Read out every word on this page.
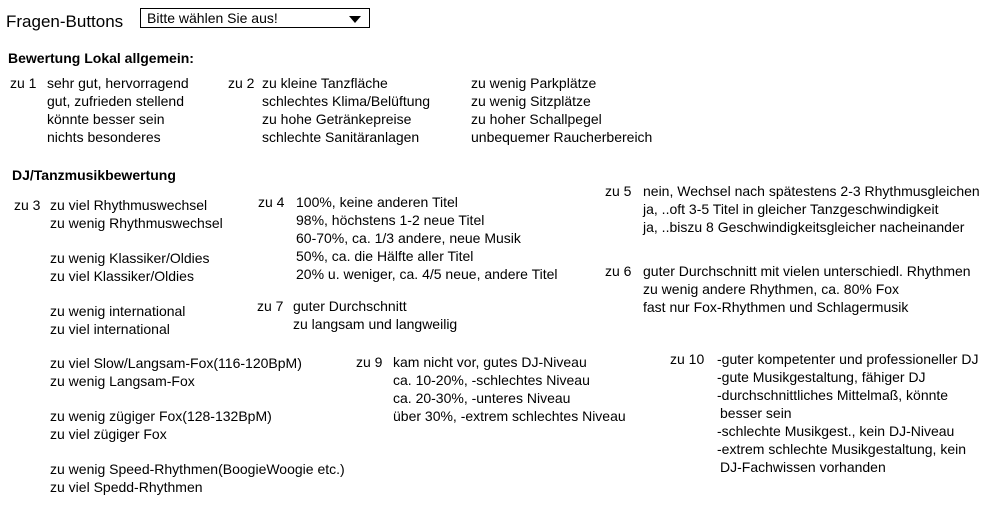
Fragen-Buttons	Bitte wählen Sie aus!
Bewertung Lokal allgemein:
zu 1 sehr gut, hervorragend
gut, zufrieden stellend
könnte besser sein
nichts besonderes
zu 2 zu kleine Tanzfläche
schlechtes Klima/Belüftung
zu hohe Getränkepreise
schlechte Sanitäranlagen
zu wenig Parkplätze
zu wenig Sitzplätze
zu hoher Schallpegel
unbequemer Raucherbereich
DJ/Tanzmusikbewertung
zu 3 zu viel Rhythmuswechsel
zu wenig Rhythmuswechsel
zu wenig Klassiker/Oldies
zu viel Klassiker/Oldies
zu wenig international
zu viel international
zu viel Slow/Langsam-Fox(116-120BpM)
zu wenig Langsam-Fox
zu wenig zügiger Fox(128-132BpM)
zu viel zügiger Fox
zu wenig Speed-Rhythmen(BoogieWoogie etc.)
zu viel Spedd-Rhythmen
zu 4 100%, keine anderen Titel
98%, höchstens 1-2 neue Titel
60-70%, ca. 1/3 andere, neue Musik
50%, ca. die Hälfte aller Titel
20% u. weniger, ca. 4/5 neue, andere Titel
zu 5 nein, Wechsel nach spätestens 2-3 Rhythmusgleichen
ja, ..oft 3-5 Titel in gleicher Tanzgeschwindigkeit
ja, ..biszu 8 Geschwindigkeitsgleicher nacheinander
zu 6 guter Durchschnitt mit vielen unterschiedl. Rhythmen
zu wenig andere Rhythmen, ca. 80% Fox
fast nur Fox-Rhythmen und Schlagermusik
zu 7 guter Durchschnitt
zu langsam und langweilig
zu 9 kam nicht vor, gutes DJ-Niveau
ca. 10-20%, -schlechtes Niveau
ca. 20-30%, -unteres Niveau
über 30%, -extrem schlechtes Niveau
zu 10 -guter kompetenter und professioneller DJ
-gute Musikgestaltung, fähiger DJ
-durchschnittliches Mittelmaß, könnte
besser sein
-schlechte Musikgest., kein DJ-Niveau
-extrem schlechte Musikgestaltung, kein
DJ-Fachwissen vorhanden
